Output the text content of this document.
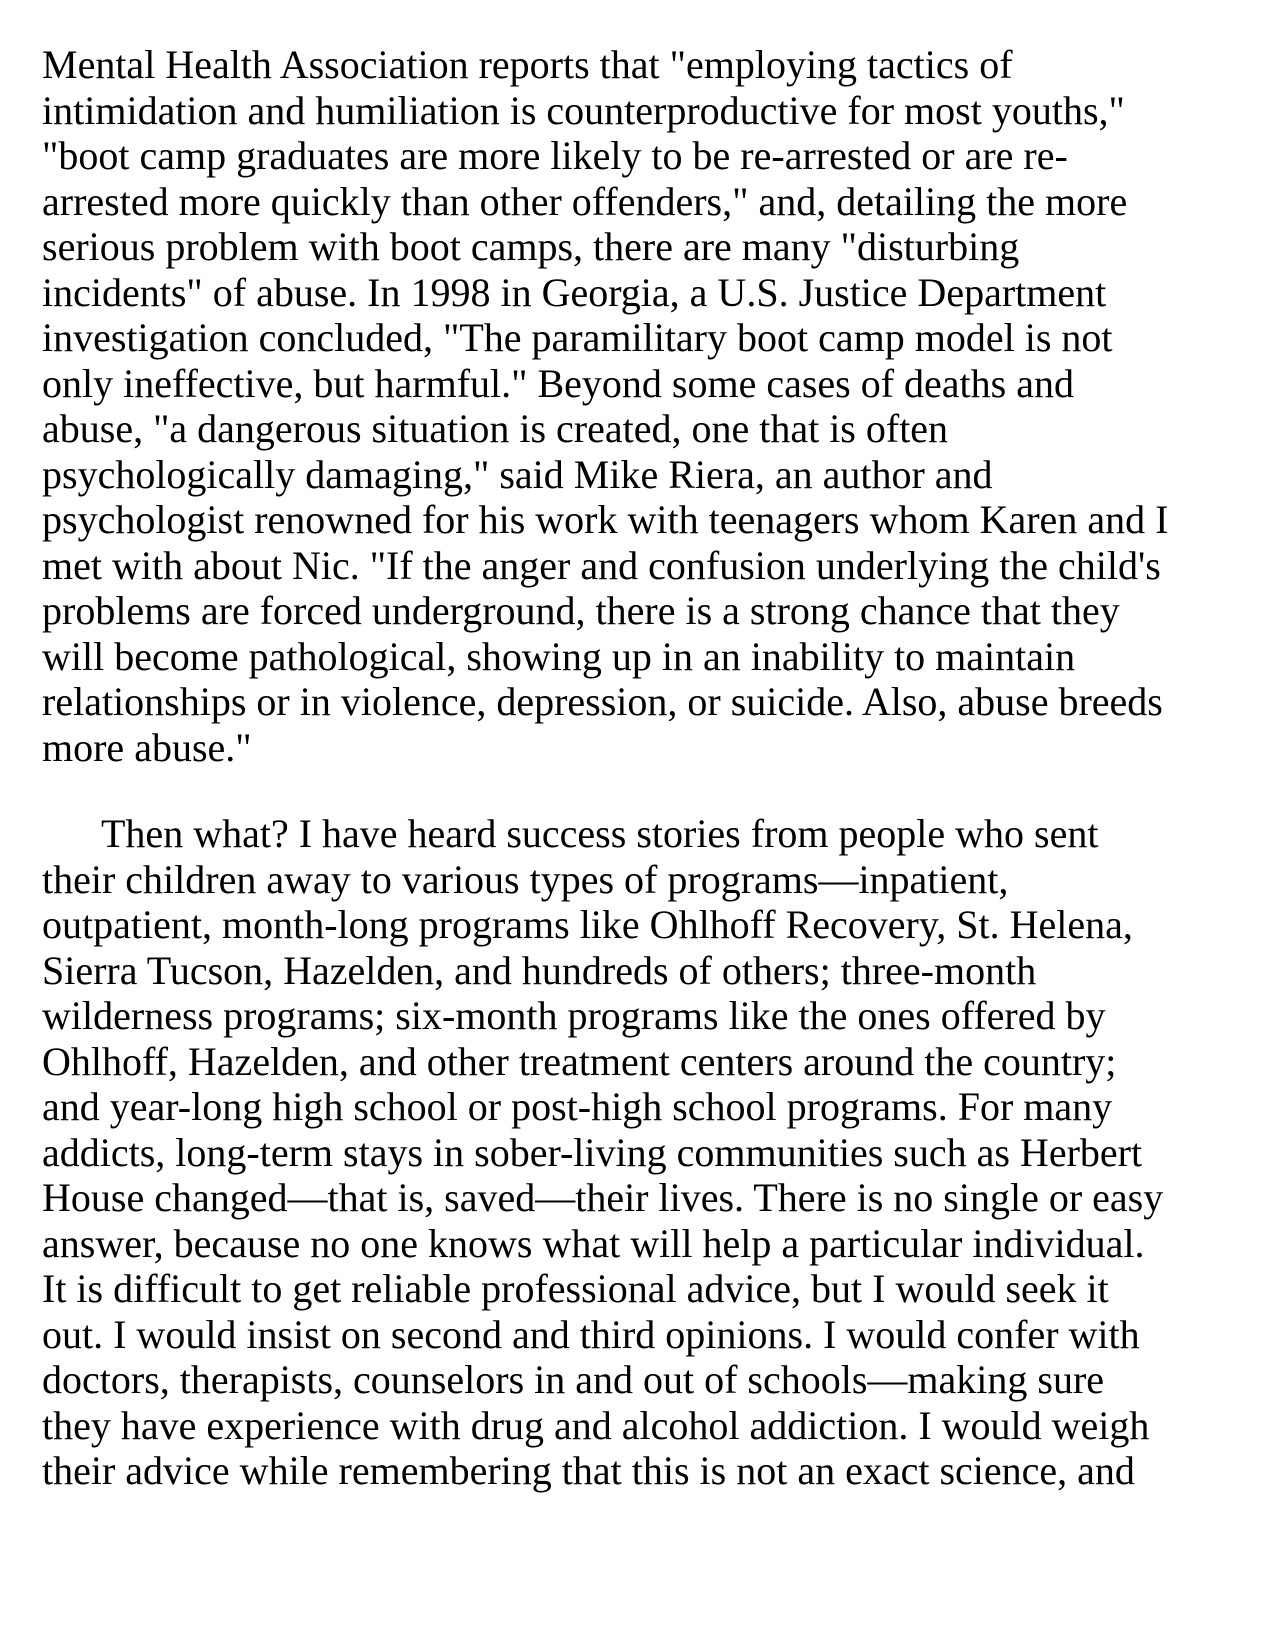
Mental Health Association reports that "employing tactics of
intimidation and humiliation is counterproductive for most youths,"
"boot camp graduates are more likely to be re-arrested or are re-
arrested more quickly than other offenders," and, detailing the more
serious problem with boot camps, there are many "disturbing
incidents" of abuse. In 1998 in Georgia, a U.S. Justice Department
investigation concluded, "The paramilitary boot camp model is not
only ineffective, but harmful." Beyond some cases of deaths and
abuse, "a dangerous situation is created, one that is often
psychologically damaging," said Mike Riera, an author and
psychologist renowned for his work with teenagers whom Karen and I
met with about Nic. "If the anger and confusion underlying the child's
problems are forced underground, there is a strong chance that they
will become pathological, showing up in an inability to maintain
relationships or in violence, depression, or suicide. Also, abuse breeds
more abuse."
Then what? I have heard success stories from people who sent
their children away to various types of programs—inpatient,
outpatient, month-long programs like Ohlhoff Recovery, St. Helena,
Sierra Tucson, Hazelden, and hundreds of others; three-month
wilderness programs; six-month programs like the ones offered by
Ohlhoff, Hazelden, and other treatment centers around the country;
and year-long high school or post-high school programs. For many
addicts, long-term stays in sober-living communities such as Herbert
House changed—that is, saved—their lives. There is no single or easy
answer, because no one knows what will help a particular individual.
It is difficult to get reliable professional advice, but I would seek it
out. I would insist on second and third opinions. I would confer with
doctors, therapists, counselors in and out of schools—making sure
they have experience with drug and alcohol addiction. I would weigh
their advice while remembering that this is not an exact science, and
